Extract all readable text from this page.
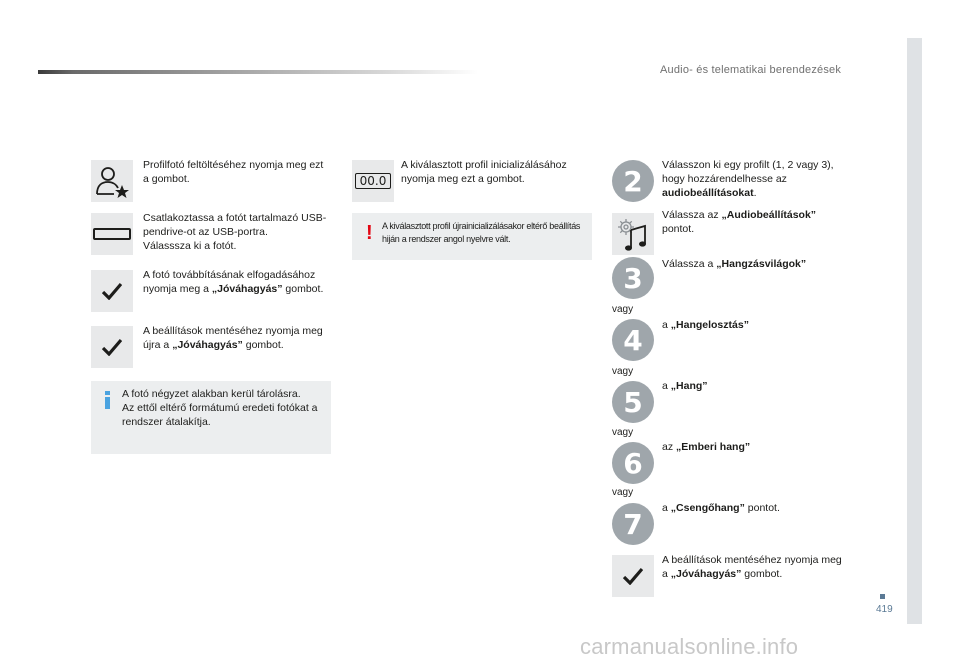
Audio- és telematikai berendezések
419
Profilfotó feltöltéséhez nyomja meg ezt a gombot.
Csatlakoztassa a fotót tartalmazó USB-pendrive-ot az USB-portra.
Válasssza ki a fotót.
A fotó továbbításának elfogadásához nyomja meg a „Jóváhagyás” gombot.
A beállítások mentéséhez nyomja meg újra a „Jóváhagyás” gombot.
A fotó négyzet alakban kerül tárolásra.
Az ettől eltérő formátumú eredeti fotókat a rendszer átalakítja.
00.0
A kiválasztott profil inicializálásához nyomja meg ezt a gombot.
! A kiválasztott profil újrainicializálásakor eltérő beállítás hiján a rendszer angol nyelvre vált.
2	Válasszon ki egy profilt (1, 2 vagy 3), hogy hozzárendelhesse az audiobeállításokat.
Válassza az „Audiobeállítások” pontot.
3	Válassza a „Hangzásvilágok”
vagy
4	a „Hangelosztás”
vagy
5	a „Hang”
vagy
6	az „Emberi hang”
vagy
7	a „Csengőhang” pontot.
A beállítások mentéséhez nyomja meg a „Jóváhagyás” gombot.
carmanualsonline.info
